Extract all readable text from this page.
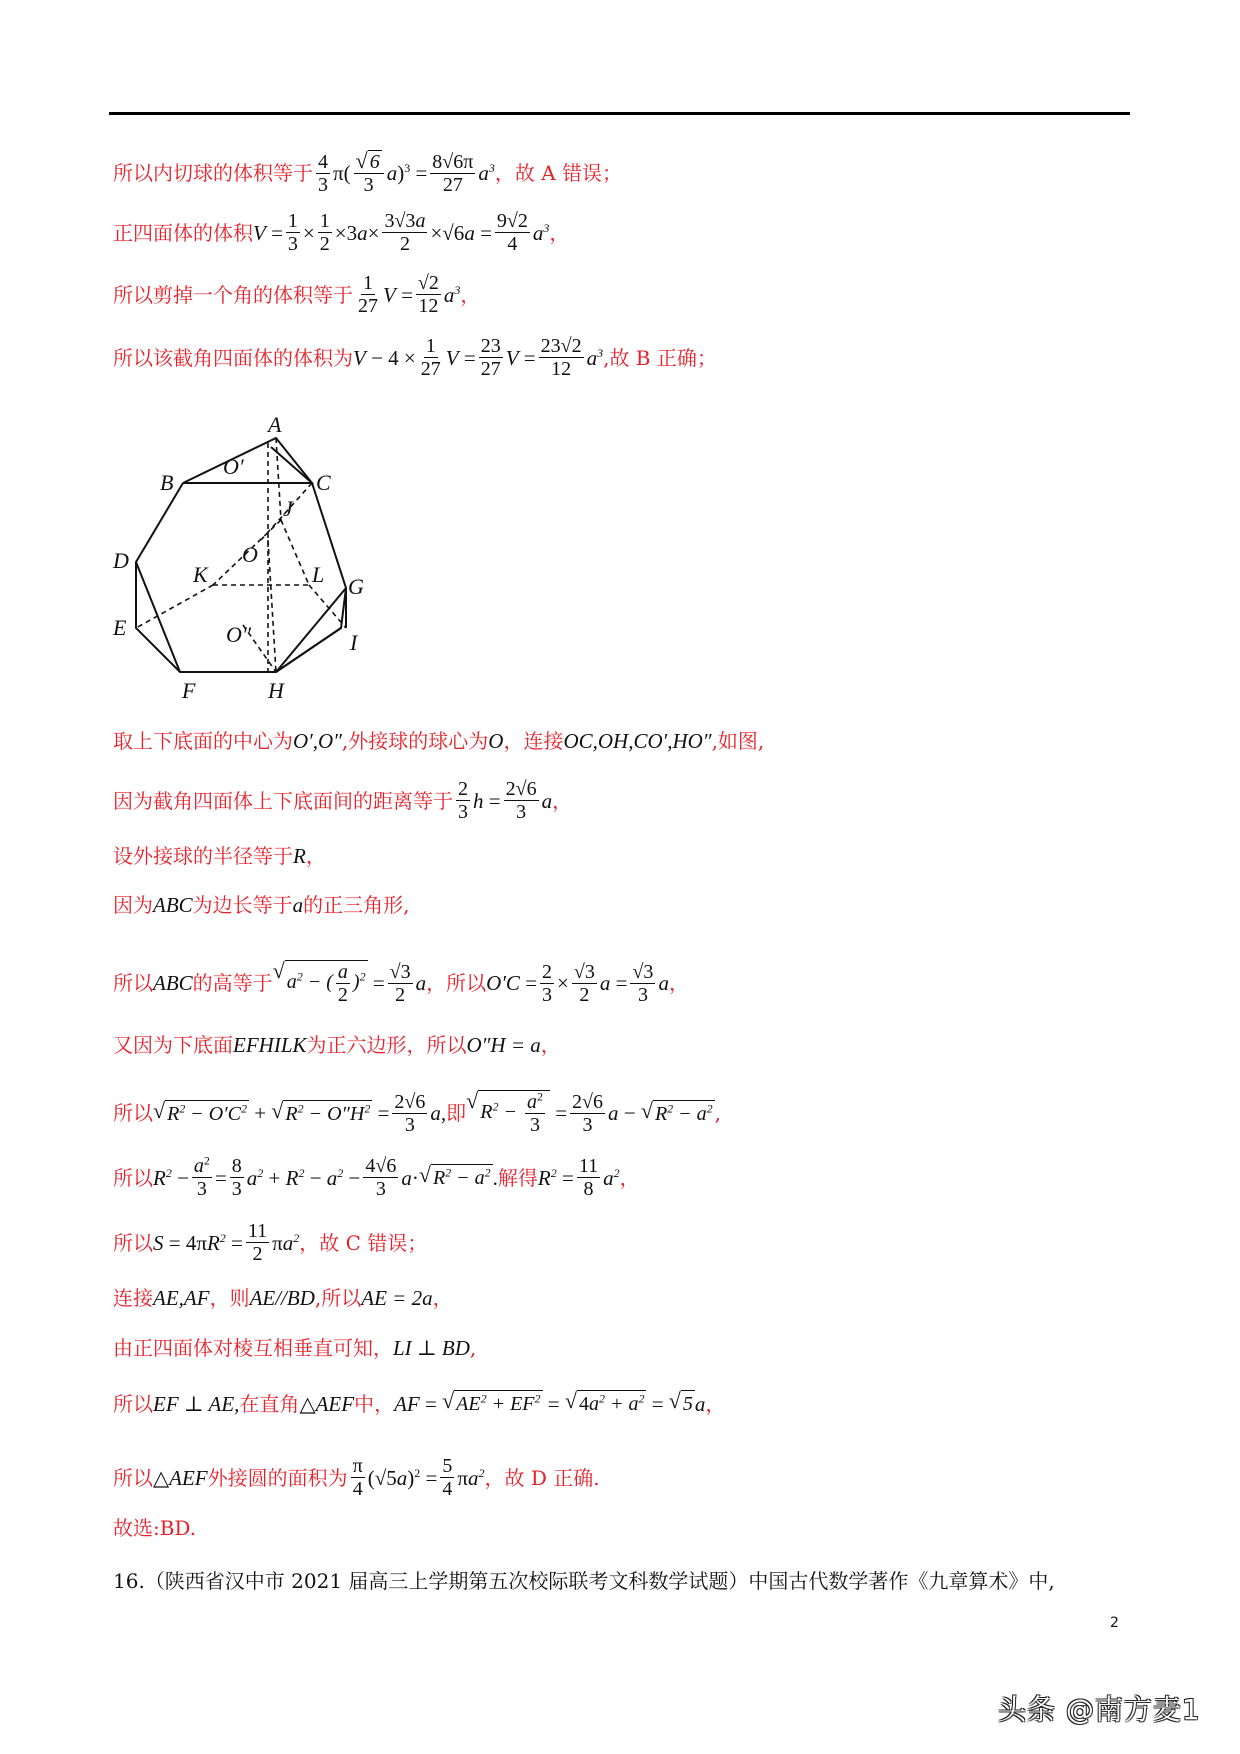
所以内切球的体积等于 $\frac{4}{3} \pi( \frac{√ 6}{3}$ a )$^3 = \frac{8√6\pi}{27} a^3$ ，故 A 错误；
正四面体的体积 $V = \frac{1}{3} \times \frac{1}{2} \times 3$ $a \times \frac{3√3a}{2} \times√6$ $a = \frac{9√2}{4} a^3$ ，
所以剪掉一个角的体积等于 $\frac{1}{27}$ $V = \frac{√2}{12} a^3$ ，
所以该截角四面体的体积为 $V - 4 \times \frac{1}{27}$ $V = \frac{23}{27}$ $V = \frac{23√2}{12} a^3$ ,故 B 正确；
A
B	C
O′
J
D
K
O
L G
E	O″	I
F	H
取上下底面的中心为 O′,O″ ,外接球的球心为 O ，连接 OC,OH,CO′,HO″ ,如图,
因为截角四面体上下底面间的距离等于 $\frac{2}{3}$ $h = \frac{2√6}{3}$ a ，
设外接球的半径等于 R ，
因为 ABC 为边长等于 a 的正三角形,
所以 ABC 的高等于 √ $a^2$ − ( $\frac{a}{2} )^2 = \frac{√3}{2}$ a ，所以 $O'C = \frac{2}{3} \times \frac{√3}{2}$ $a = \frac{√3}{3}$ a ，
又因为下底面 EFHILK 为正六边形，所以 O″H = a ，
所以 √ $R^2 - O'C^2$ + √ $R^2 - O''H^2 = \frac{2√6}{3} a$, 即 √ $R^2 - \frac{a^2}{3} = \frac{2√6}{3}$ a − √ $R^2 - a^2$ ,
所以 $R^2 - \frac{a^2}{3} = \frac{8}{3} a^2 + R^2 - a^2 - \frac{4√6}{3}$ a · √ $R^2 - a^2$ . 解得 $R^2 = \frac{11}{8} a^2$ ，
所以 S = 4π $R^2 = \frac{11}{2}$ π $a^2$ ，故 C 错误；
连接 AE,AF ，则 AE//BD ,所以 AE = 2a ，
由正四面体对棱互相垂直可知， LI ⊥ BD ,
所以 EF ⊥ AE, 在直角 △AEF 中， AF = √ $AE^2 + EF^2$ = √ $4a^2 + a^2$ = √ 5 a ，
所以 △AEF 外接圆的面积为 $\frac{\pi}{4} (√5$ a )$^2 = \frac{5}{4}$ π $a^2$ ，故 D 正确.
故选:BD.
16.（陕西省汉中市 2021 届高三上学期第五次校际联考文科数学试题）中国古代数学著作《九章算术》中,
2
头条 @南方麦1
